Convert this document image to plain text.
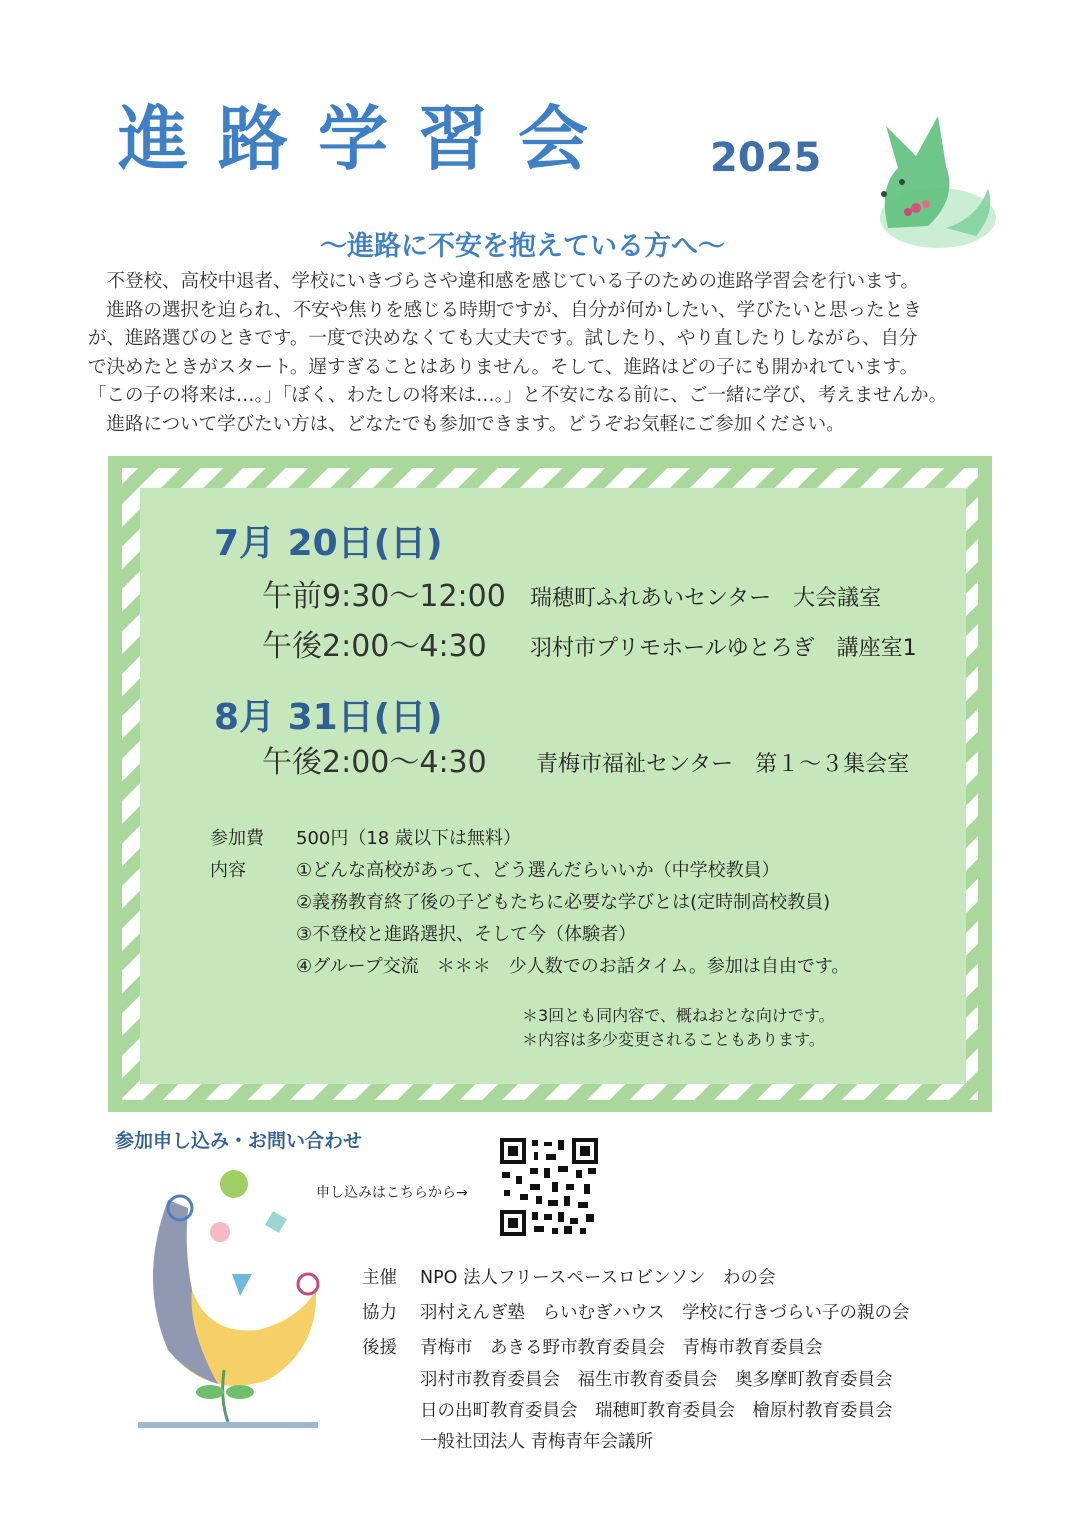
進路学習会 2025
〜進路に不安を抱えている方へ〜

　不登校、高校中退者、学校にいきづらさや違和感を感じている子のための進路学習会を行います。

　進路の選択を迫られ、不安や焦りを感じる時期ですが、自分が何かしたい、学びたいと思ったとき

が、進路選びのときです。一度で決めなくても大丈夫です。試したり、やり直したりしながら、自分

で決めたときがスタート。遅すぎることはありません。そして、進路はどの子にも開かれています。

「この子の将来は…。」「ぼく、わたしの将来は…。」と不安になる前に、ご一緒に学び、考えませんか。

　進路について学びたい方は、どなたでも参加できます。どうぞお気軽にご参加ください。

7月 20日(日)
午前9:30〜12:00 瑞穂町ふれあいセンター　大会議室
午後2:00〜4:30 羽村市プリモホールゆとろぎ　講座室1
8月 31日(日)
午後2:00〜4:30 青梅市福祉センター　第１〜３集会室
参加費 500円（18 歳以下は無料）
内容	①どんな高校があって、どう選んだらいいか（中学校教員）
②義務教育終了後の子どもたちに必要な学びとは(定時制高校教員)
③不登校と進路選択、そして今（体験者）
④グループ交流　＊＊＊　少人数でのお話タイム。参加は自由です。
＊3回とも同内容で、概ねおとな向けです。
＊内容は多少変更されることもあります。
参加申し込み・お問い合わせ
申し込みはこちらから→
主催 NPO 法人フリースペースロビンソン　わの会
協力 羽村えんぎ塾　らいむぎハウス　学校に行きづらい子の親の会
後援 青梅市　あきる野市教育委員会　青梅市教育委員会
羽村市教育委員会　福生市教育委員会　奥多摩町教育委員会
日の出町教育委員会　瑞穂町教育委員会　檜原村教育委員会
一般社団法人 青梅青年会議所
